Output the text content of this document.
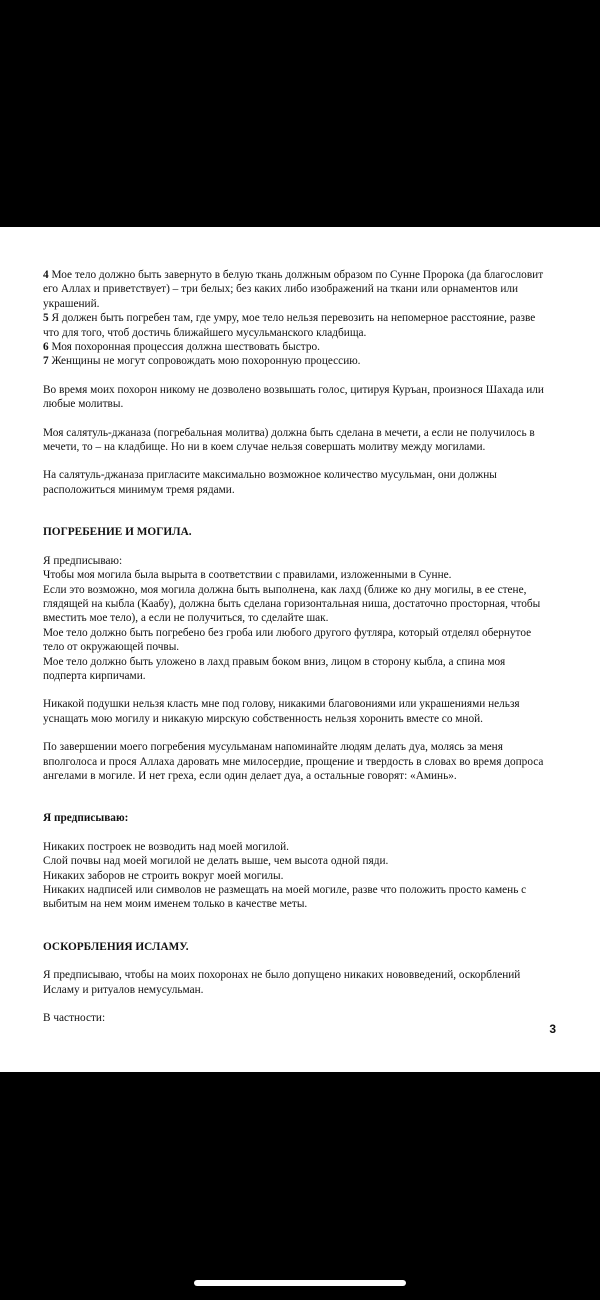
4 Мое тело должно быть завернуто в белую ткань должным образом по Сунне Пророка (да благословит его Аллах и приветствует) – три белых; без каких либо изображений на ткани или орнаментов или украшений.

5 Я должен быть погребен там, где умру, мое тело нельзя перевозить на непомерное расстояние, разве что для того, чтоб достичь ближайшего мусульманского кладбища.

6 Моя похоронная процессия должна шествовать быстро.

7 Женщины не могут сопровождать мою похоронную процессию.

Во время моих похорон никому не дозволено возвышать голос, цитируя Куръан, произнося Шахада или любые молитвы.

Моя салятуль-джаназа (погребальная молитва) должна быть сделана в мечети, а если не получилось в мечети, то – на кладбище. Но ни в коем случае нельзя совершать молитву между могилами.

На салятуль-джаназа пригласите максимально возможное количество мусульман, они должны расположиться минимум тремя рядами.

ПОГРЕБЕНИЕ И МОГИЛА.

Я предписываю:

Чтобы моя могила была вырыта в соответствии с правилами, изложенными в Сунне.

Если это возможно, моя могила должна быть выполнена, как лахд (ближе ко дну могилы, в ее стене, глядящей на кыбла (Каабу), должна быть сделана горизонтальная ниша, достаточно просторная, чтобы вместить мое тело), а если не получиться, то сделайте шак.

Мое тело должно быть погребено без гроба или любого другого футляра, который отделял обернутое тело от окружающей почвы.

Мое тело должно быть уложено в лахд правым боком вниз, лицом в сторону кыбла, а спина моя подперта кирпичами.

Никакой подушки нельзя класть мне под голову, никакими благовониями или украшениями нельзя уснащать мою могилу и никакую мирскую собственность нельзя хоронить вместе со мной.

По завершении моего погребения мусульманам напоминайте людям делать дуа, молясь за меня вполголоса и прося Аллаха даровать мне милосердие, прощение и твердость в словах во время допроса ангелами в могиле. И нет греха, если один делает дуа, а остальные говорят: «Аминь».

Я предписываю:

Никаких построек не возводить над моей могилой.

Слой почвы над моей могилой не делать выше, чем высота одной пяди.

Никаких заборов не строить вокруг моей могилы.

Никаких надписей или символов не размещать на моей могиле, разве что положить просто камень с выбитым на нем моим именем только в качестве меты.

ОСКОРБЛЕНИЯ ИСЛАМУ.

Я предписываю, чтобы на моих похоронах не было допущено никаких нововведений, оскорблений Исламу и ритуалов немусульман.

В частности:

3
